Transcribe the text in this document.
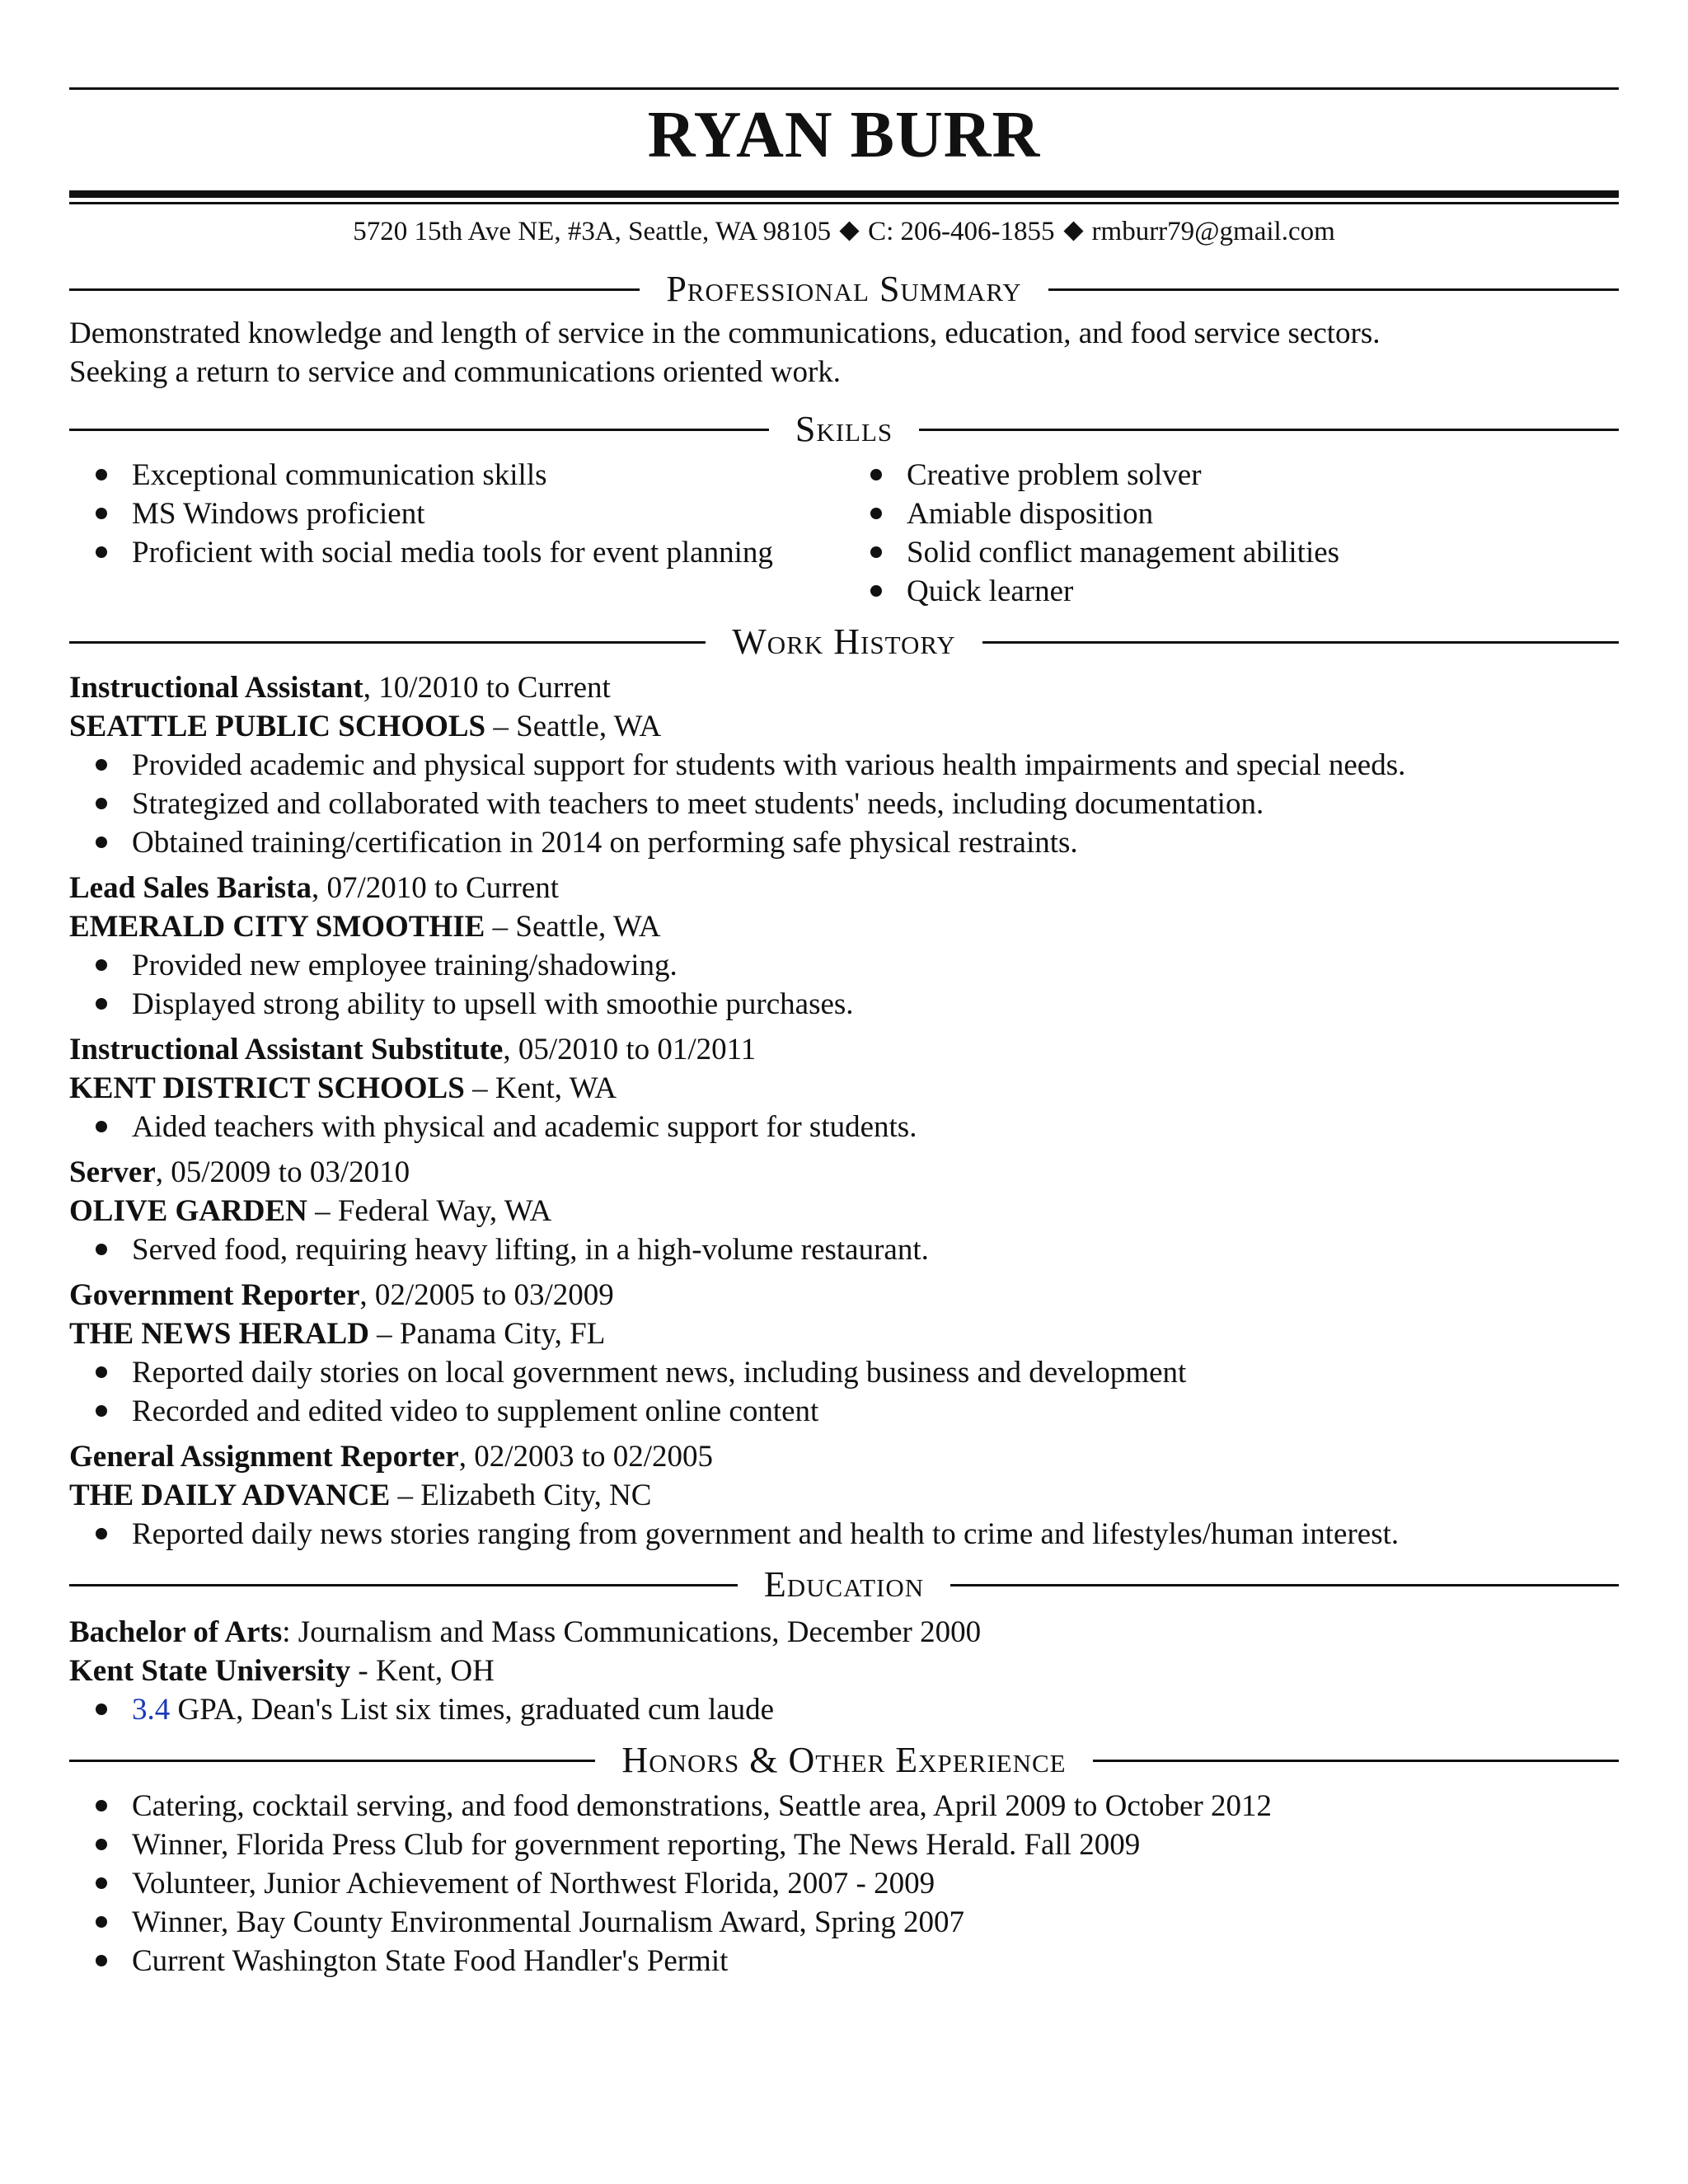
RYAN BURR
5720 15th Ave NE, #3A, Seattle, WA 98105 C: 206-406-1855 rmburr79@gmail.com
Professional Summary
Demonstrated knowledge and length of service in the communications, education, and food service sectors.
Seeking a return to service and communications oriented work.
Skills
Exceptional communication skills
MS Windows proficient
Proficient with social media tools for event planning
Creative problem solver
Amiable disposition
Solid conflict management abilities
Quick learner
Work History
Instructional Assistant, 10/2010 to Current
SEATTLE PUBLIC SCHOOLS – Seattle, WA
Provided academic and physical support for students with various health impairments and special needs.
Strategized and collaborated with teachers to meet students' needs, including documentation.
Obtained training/certification in 2014 on performing safe physical restraints.
Lead Sales Barista, 07/2010 to Current
EMERALD CITY SMOOTHIE – Seattle, WA
Provided new employee training/shadowing.
Displayed strong ability to upsell with smoothie purchases.
Instructional Assistant Substitute, 05/2010 to 01/2011
KENT DISTRICT SCHOOLS – Kent, WA
Aided teachers with physical and academic support for students.
Server, 05/2009 to 03/2010
OLIVE GARDEN – Federal Way, WA
Served food, requiring heavy lifting, in a high-volume restaurant.
Government Reporter, 02/2005 to 03/2009
THE NEWS HERALD – Panama City, FL
Reported daily stories on local government news, including business and development
Recorded and edited video to supplement online content
General Assignment Reporter, 02/2003 to 02/2005
THE DAILY ADVANCE – Elizabeth City, NC
Reported daily news stories ranging from government and health to crime and lifestyles/human interest.
Education
Bachelor of Arts: Journalism and Mass Communications, December 2000
Kent State University - Kent, OH
3.4 GPA, Dean's List six times, graduated cum laude
Honors & Other Experience
Catering, cocktail serving, and food demonstrations, Seattle area, April 2009 to October 2012
Winner, Florida Press Club for government reporting, The News Herald. Fall 2009
Volunteer, Junior Achievement of Northwest Florida, 2007 - 2009
Winner, Bay County Environmental Journalism Award, Spring 2007
Current Washington State Food Handler's Permit
